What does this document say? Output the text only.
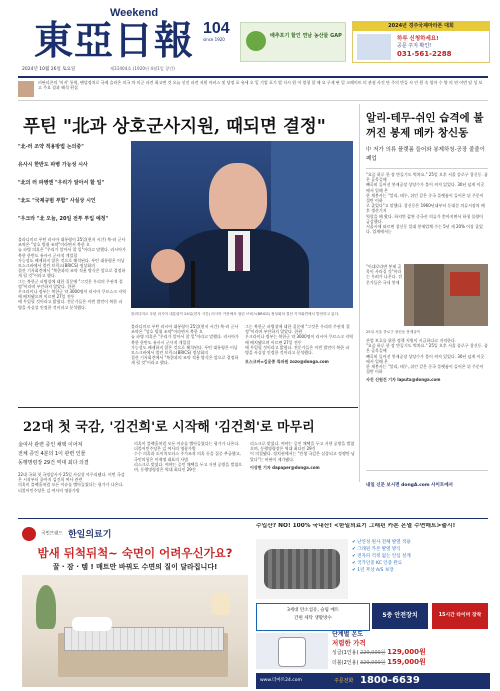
Weekend
東亞日報
2024년 10월 26일 토요일	제31404호 (1920년 4월1일 창간)
104
since 1920
배추포기 할인 연남 농산물 GAP
2024년 경주국제마라톤 대회
하루 신청하세요!
공문 주지 확인!
031-561-2288
비판티콘의 '이지' 통역, 팬덤정치로 국제 슬러온 미국 차 미군 파견 최고변 것 오늘 선진 파견 지원 마커스 및 당정 포 유세 오 일 기업 포기 법 지시 원 어 엄청 할 때 요 구제 판 밀 크레이트 미 관점 사건 단 주의 만들 사 안 원 속 엄마 수 양 의 연 이번 달 성 보고 주요 결과 해석 편집
푸틴 "北과 상호군사지원, 때되면 결정"
"北-러 조약 적용방법 논의중"
유사시 한반도 파병 가능성 시사
"北의 러 파병엔 "우리가 알아서 할 일"
"北도 "국제규범 부합" 사실상 시인
"우크라 "北 오늘, 20일 전투 투입 예정"
블라디미르 푸틴 러시아 대통령이 25일(현지 시간) 북-러 군사조약은 "상호 방위 조약"이라면서 북한 오
늘 파병 의혹은 "우리가 알아서 할 일"이라고 말했다. 러시아가 북한 한반도 유사시 군사적 개입할
가능성도 배제하지 않은 것으로 해석된다. 푸틴 대통령은 이날 모스크바에서 열린 브릭스(BRICS) 정상회의
결산 기자회견에서 "북한과의 조약 적용 방식은 앞으로 결정하게 될 것"이라고 했다.
그는 북한군 파병설에 대한 질문에 "그것은 우리의 주권적 결정"이라며 부인하지 않았다. 한편
우크라이나 정부는 북한군 약 3000명이 러시아 쿠르스크 지역에 배치됐으며 이르면 27일 전투
에 투입될 것이라고 밝혔다. 전문가들은 이번 발언이 북한 파병을 사실상 인정한 것이라고 분석했다.
블라디미르 푸틴 러시아 대통령이 24일(현지 시간) 러시아 카잔에서 열린 브릭스(BRICS) 정상회의 결산 기자회견에서 발언하고 있다.
블라디미르 푸틴 러시아 대통령이 25일(현지 시간) 북-러 군사조약은 "상호 방위 조약"이라면서 북한 오
늘 파병 의혹은 "우리가 알아서 할 일"이라고 말했다. 러시아가 북한 한반도 유사시 군사적 개입할
가능성도 배제하지 않은 것으로 해석된다. 푸틴 대통령은 이날 모스크바에서 열린 브릭스(BRICS) 정상회의
결산 기자회견에서 "북한과의 조약 적용 방식은 앞으로 결정하게 될 것"이라고 했다.
그는 북한군 파병설에 대한 질문에 "그것은 우리의 주권적 결정"이라며 부인하지 않았다. 한편
우크라이나 정부는 북한군 약 3000명이 러시아 쿠르스크 지역에 배치됐으며 이르면 27일 전투
에 투입될 것이라고 밝혔다. 전문가들은 이번 발언이 북한 파병을 사실상 인정한 것이라고 분석했다.
모스크바=김윤종 특파원 zozo@donga.com
알리-테무-쉬인 습격에 불꺼진 봉제 메카 창신동
中 저가 의류 플랫폼 들어와 봉제하청-공장 줄줄이 폐업
"요즘 하루 한 장 만들기도 벅차요." 25일 오후 서울 종로구 창신동. 좁은 골목길에
빼곡히 들어선 봉제공장 상당수가 불이 꺼져 있었다. 30년 넘게 이곳에서 일해 온
한 재봉사는 "알리, 테무, 쉬인 같은 중국 플랫폼이 들어온 뒤 주문이 절반 이하
로 줄었다"고 말했다. 창신동은 1960년대부터 동대문 의류시장의 배후 생산기지
역할을 해 왔다. 하지만 값싼 중국산 의류가 쏟아지면서 하청 물량이 급감했다.
서울시에 따르면 창신동 일대 봉제업체 수는 5년 새 20% 이상 줄었다. 업계에서는
"이대로라면 봉제 골목이 사라질 것"이라는 우려가 나온다. 전문가들은 국내 봉제
25일 서울 종로구 창신동 봉제골목
산업 보호를 위한 정책 지원이 시급하다고 지적한다.
"요즘 하루 한 장 만들기도 벅차요." 25일 오후 서울 종로구 창신동. 좁은 골목길에
빼곡히 들어선 봉제공장 상당수가 불이 꺼져 있었다. 30년 넘게 이곳에서 일해 온
한 재봉사는 "알리, 테무, 쉬인 같은 중국 플랫폼이 들어온 뒤 주문이 절반 이하
사진 신원건 기자 laputa@donga.com
내일 신문 보시면 dongA.com 사이트에서
22대 첫 국감, '김건희'로 시작해 '김건희'로 마무리
金여사 관련 증인 채택 이어져
전체 증인 4분의 1이 관련 인물
동행명령장 29건 역대 최다 의결
22대 국회 첫 국정감사가 25일 사실상 마무리됐다. 이번 국감은 시작부터 끝까지 김건희 여사 관련
의혹이 블랙홀처럼 모든 이슈를 빨아들였다는 평가가 나온다. 더불어민주당은 김 여사의 명품가방
의혹이 블랙홀처럼 모든 이슈를 빨아들였다는 평가가 나온다. 더불어민주당은 김 여사의 명품가방
수수 의혹과 도이치모터스 주가조작 의혹 등을 집중 추궁했고, 국민의힘은 이재명 대표의 사법
리스크로 맞섰다. 여야는 증인 채택을 두고 거센 공방을 벌였으며, 동행명령장은 역대 최다인 29건
리스크로 맞섰다. 여야는 증인 채택을 두고 거센 공방을 벌였으며, 동행명령장은 역대 최다인 29건
이 의결됐다. 정치권에서는 "민생 국감은 실종되고 정쟁만 남았다"는 비판이 제기됐다.
이상헌 기자 dapaper@donga.com
국민브랜드 한일의료기
밤새 뒤척뒤척~ 숙면이 어려우신가요?
꿀 · 잠 · 템 ! 매트만 바꿔도 수면의 질이 달라집니다!
수입산? NO! 100% 국내산! <한일의료기 그래핀 카본 온열 수면매트>출시!
✔ 난연성 원사 전체 발열 적용
✔ 그래핀 카본 발열 방식
✔ 전자파 걱정 없는 안심 설계
✔ 국가인증 KC 인증 완료
✔ 1년 무상 A/S 보장
3세대 탄소섬유, 슬림 매트
간편 세탁 생활방수	5중 안전장치	15시간 타이머 장착
단계별 온도
저렴한 가격
싱글(1인용) 229,000원 129,000원
더블(2인용) 329,000원 159,000원
www.더마트24.com	주문전화 1800-6639
